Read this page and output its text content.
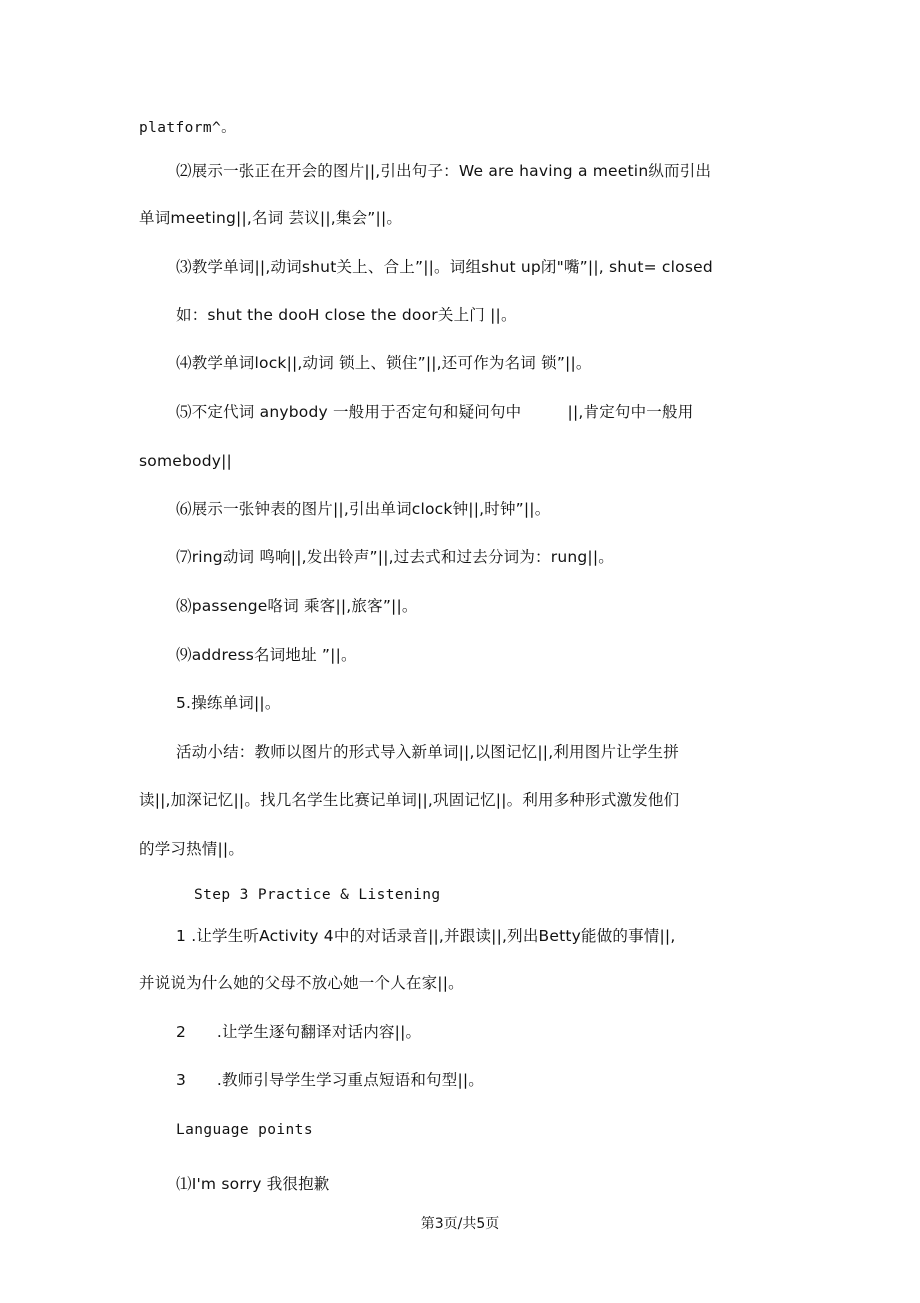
platform^。
⑵展示一张正在开会的图片||,引出句子：We are having a meetin纵而引出
单词meeting||,名词 芸议||,集会”||。
⑶教学单词||,动词shut关上、合上”||。词组shut up闭"嘴”||, shut= closed
如：shut the dooH close the door关上门 ||。
⑷教学单词lock||,动词 锁上、锁住”||,还可作为名词 锁”||。
⑸不定代词 anybody 一般用于否定句和疑问句中         ||,肯定句中一般用
somebody||
⑹展示一张钟表的图片||,引出单词clock钟||,时钟”||。
⑺ring动词 鸣响||,发出铃声”||,过去式和过去分词为：rung||。
⑻passenge咯词 乘客||,旅客”||。
⑼address名词地址 ”||。
5.操练单词||。
活动小结：教师以图片的形式导入新单词||,以图记忆||,利用图片让学生拼
读||,加深记忆||。找几名学生比赛记单词||,巩固记忆||。利用多种形式激发他们
的学习热情||。
Step 3 Practice & Listening
1 .让学生听Activity 4中的对话录音||,并跟读||,列出Betty能做的事情||,
并说说为什么她的父母不放心她一个人在家||。
2      .让学生逐句翻译对话内容||。
3      .教师引导学生学习重点短语和句型||。
Language points
⑴I'm sorry 我很抱歉
第3页/共5页
